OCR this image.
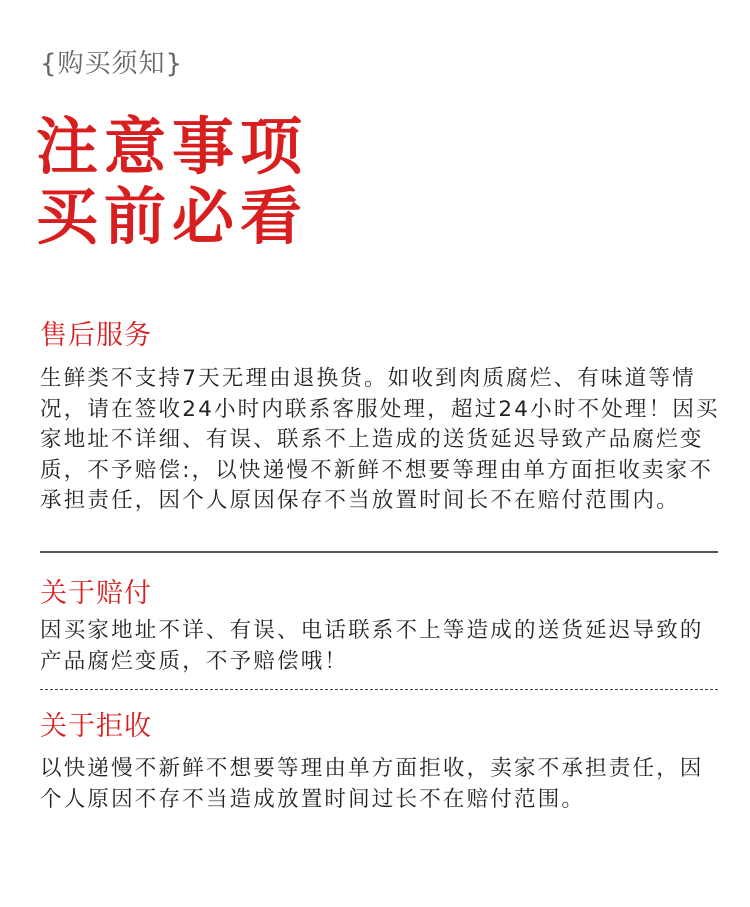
{购买须知}
注意事项
买前必看
售后服务
生鲜类不支持7天无理由退换货。如收到肉质腐烂、有味道等情况，请在签收24小时内联系客服处理，超过24小时不处理！因买家地址不详细、有误、联系不上造成的送货延迟导致产品腐烂变质，不予赔偿:，以快递慢不新鲜不想要等理由单方面拒收卖家不承担责任，因个人原因保存不当放置时间长不在赔付范围内。
关于赔付
因买家地址不详、有误、电话联系不上等造成的送货延迟导致的产品腐烂变质，不予赔偿哦！
关于拒收
以快递慢不新鲜不想要等理由单方面拒收，卖家不承担责任，因个人原因不存不当造成放置时间过长不在赔付范围。
